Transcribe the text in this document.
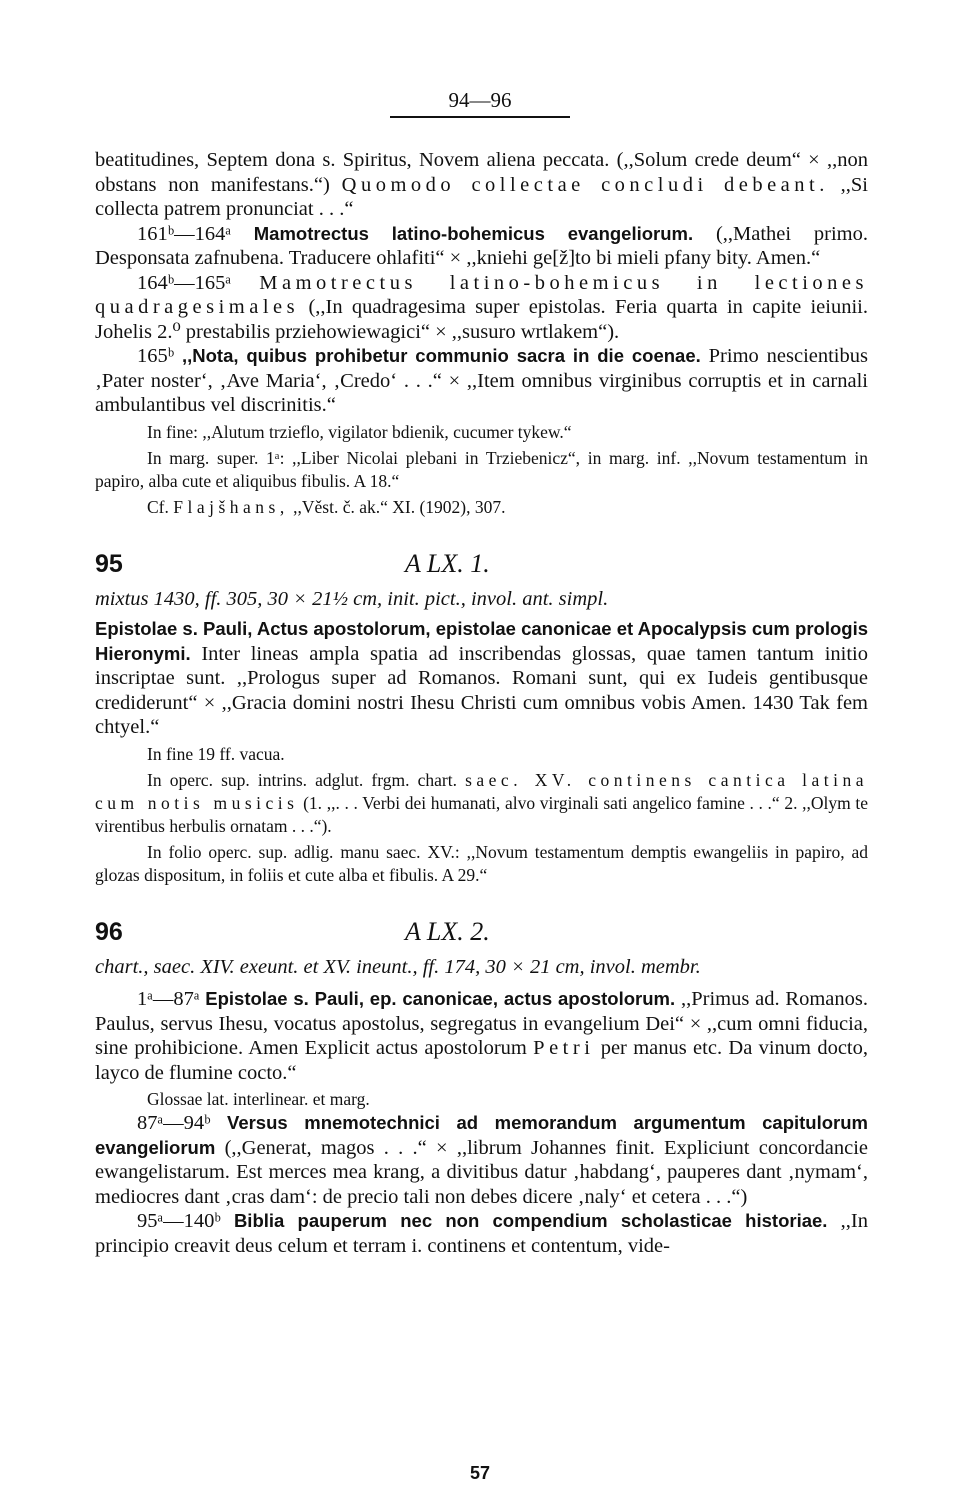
94—96

beatitudines, Septem dona s. Spiritus, Novem aliena peccata. (,,Solum crede deum“ × ,,non obstans non manifestans.“) Quomodo collectae concludi debeant. ,,Si collecta patrem pronunciat . . .“

161ᵇ—164ᵃ Mamotrectus latino-bohemicus evangeliorum. (,,Mathei primo. Desponsata zafnubena. Traducere ohlafiti“ × ,,kniehi ge[ž]to bi mieli pfany bity. Amen.“

164ᵇ—165ᵃ Mamotrectus latino-bohemicus in lectiones quadragesimales (,,In quadragesima super epistolas. Feria quarta in capite ieiunii. Johelis 2.⁰ prestabilis przieh​owiewagici“ × ,,susuro wrtlakem“).

165ᵇ ,,Nota, quibus prohibetur communio sacra in die coenae. Primo nescientibus ‚Pater noster‘, ‚Ave Maria‘, ‚Credo‘ . . .“ × ,,Item omnibus virginibus corruptis et in carnali ambulantibus vel discrinitis.“

In fine: ,,Alutum trzieflo, vigilator bdienik, cucumer tykew.“

In marg. super. 1ᵃ: ,,Liber Nicolai plebani in Trziebenicz“, in marg. inf. ,,Novum testamentum in papiro, alba cute et aliquibus fibulis. A 18.“

Cf. Flajšhans, ,,Věst. č. ak.“ XI. (1902), 307.

95	A LX. 1.

mixtus 1430, ff. 305, 30 × 21½ cm, init. pict., invol. ant. simpl.

Epistolae s. Pauli, Actus apostolorum, epistolae canonicae et Apocalypsis cum prologis Hieronymi. Inter lineas ampla spatia ad inscribendas glossas, quae tamen tantum initio inscriptae sunt. ,,Prologus super ad Romanos. Romani sunt, qui ex Iudeis gentibusque crediderunt“ × ,,Gracia domini nostri Ihesu Christi cum omnibus vobis Amen. 1430 Tak fem chtyel.“

In fine 19 ff. vacua.

In operc. sup. intrins. adglut. frgm. chart. saec. XV. continens cantica latina cum notis musicis (1. ,,. . . Verbi dei humanati, alvo virginali sati angelico famine . . .“ 2. ,,Olym te virentibus herbulis ornatam . . .“).

In folio operc. sup. adlig. manu saec. XV.: ,,Novum testamentum demptis ewangeliis in papiro, ad glozas dispositum, in foliis et cute alba et fibulis. A 29.“

96	A LX. 2.

chart., saec. XIV. exeunt. et XV. ineunt., ff. 174, 30 × 21 cm, invol. membr.

1ᵃ—87ᵃ Epistolae s. Pauli, ep. canonicae, actus apostolorum. ,,Primus ad. Romanos. Paulus, servus Ihesu, vocatus apostolus, segregatus in evangelium Dei“ × ,,cum omni fiducia, sine prohibicione. Amen Explicit actus apostolorum Petri per manus etc. Da vinum docto, layco de flumine cocto.“

Glossae lat. interlinear. et marg.

87ᵃ—94ᵇ Versus mnemotechnici ad memorandum argumentum capitulorum evangeliorum (,,Generat, magos . . .“ × ,,librum Johannes finit. Expliciunt concordancie ewangelistarum. Est merces mea krang, a divitibus datur ‚habdang‘, pauperes dant ‚nymam‘, mediocres dant ‚cras dam‘: de precio tali non debes dicere ‚naly‘ et cetera . . .“)

95ᵃ—140ᵇ Biblia pauperum nec non compendium scholasticae historiae. ,,In principio creavit deus celum et terram i. continens et contentum, vide-

57
